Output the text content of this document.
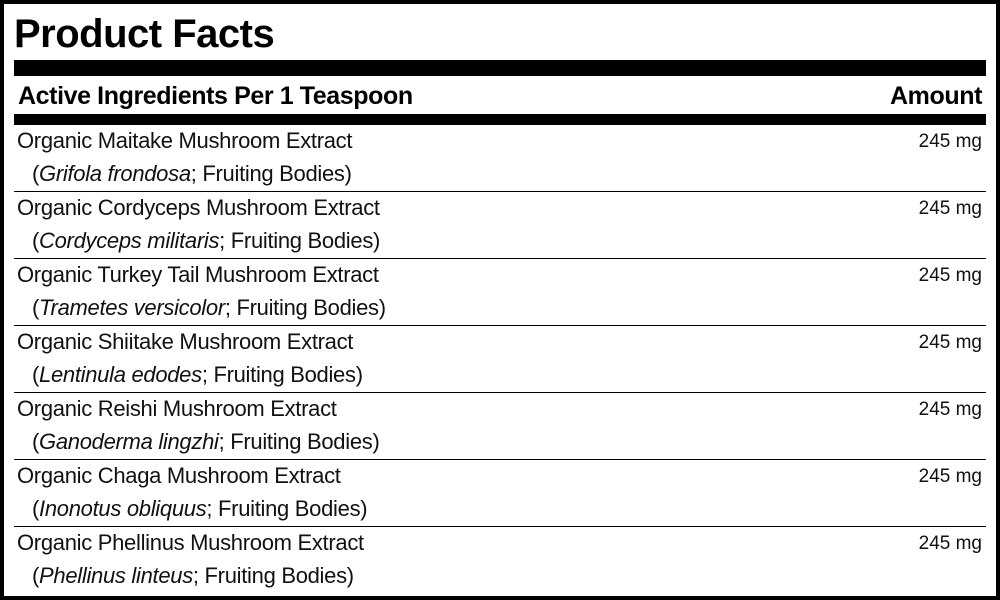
Product Facts
Active Ingredients Per 1 Teaspoon	Amount
Organic Maitake Mushroom Extract
(Grifola frondosa; Fruiting Bodies)
245 mg
Organic Cordyceps Mushroom Extract
(Cordyceps militaris; Fruiting Bodies)
245 mg
Organic Turkey Tail Mushroom Extract
(Trametes versicolor; Fruiting Bodies)
245 mg
Organic Shiitake Mushroom Extract
(Lentinula edodes; Fruiting Bodies)
245 mg
Organic Reishi Mushroom Extract
(Ganoderma lingzhi; Fruiting Bodies)
245 mg
Organic Chaga Mushroom Extract
(Inonotus obliquus; Fruiting Bodies)
245 mg
Organic Phellinus Mushroom Extract
(Phellinus linteus; Fruiting Bodies)
245 mg
